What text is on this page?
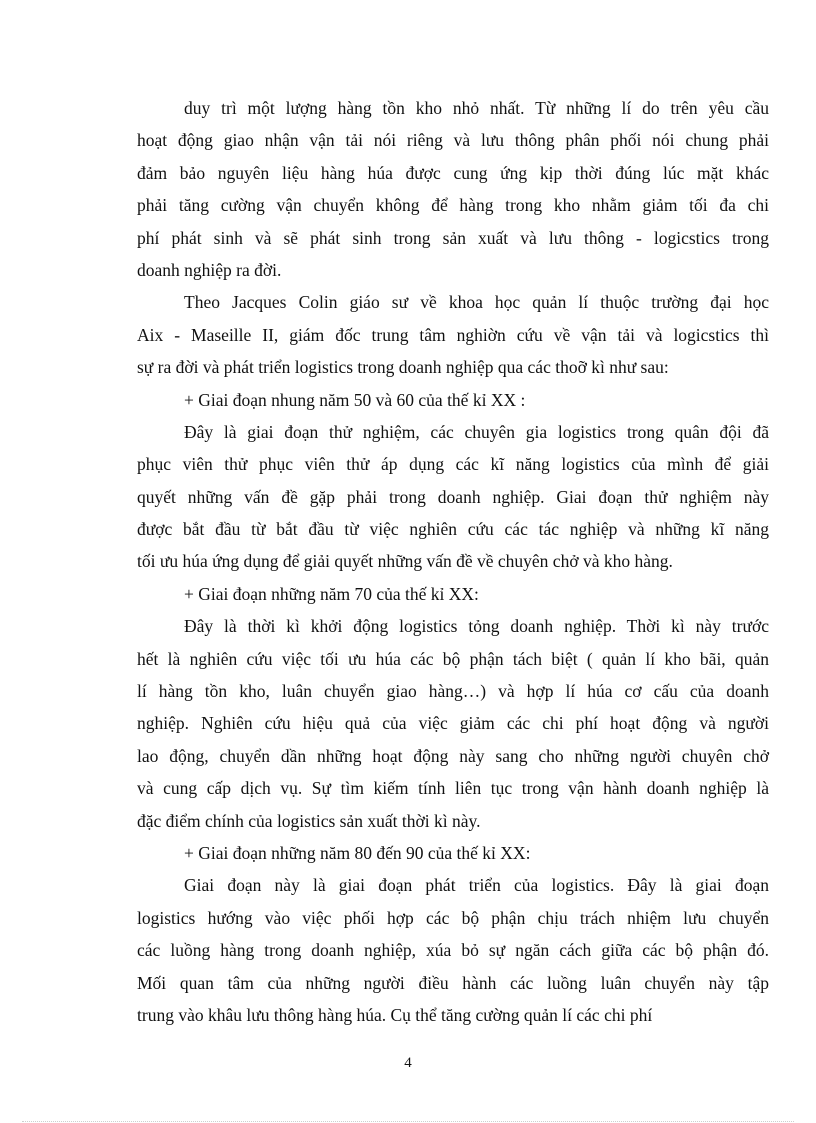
duy trì một lượng hàng tồn kho nhỏ nhất. Từ những lí do trên yêu cầu
hoạt động giao nhận vận tải nói riêng và lưu thông phân phối nói chung phải
đảm bảo nguyên liệu hàng húa được cung ứng kịp thời đúng lúc mặt khác
phải tăng cường vận chuyển không để hàng trong kho nhằm giảm tối đa chi
phí phát sinh và sẽ phát sinh trong sản xuất và lưu thông - logicstics trong
doanh nghiệp ra đời.
Theo Jacques Colin giáo sư về khoa học quản lí thuộc trường đại học
Aix - Maseille II, giám đốc trung tâm nghiờn cứu về vận tải và logicstics thì
sự ra đời và phát triển logistics trong doanh nghiệp qua các thoỡ kì như sau:
+ Giai đoạn nhung năm 50 và 60 của thế kỉ XX :
Đây là giai đoạn thử nghiệm, các chuyên gia logistics trong quân đội đã
phục viên thử phục viên thử áp dụng các kĩ năng logistics của mình để giải
quyết những vấn đề gặp phải trong doanh nghiệp. Giai đoạn thử nghiệm này
được bắt đầu từ bắt đầu từ việc nghiên cứu các tác nghiệp và những kĩ năng
tối ưu húa ứng dụng để giải quyết những vấn đề về chuyên chở và kho hàng.
+ Giai đoạn những năm 70 của thế kỉ XX:
Đây là thời kì khởi động logistics tỏng doanh nghiệp. Thời kì này trước
hết là nghiên cứu việc tối ưu húa các bộ phận tách biệt ( quản lí kho bãi, quản
lí hàng tồn kho, luân chuyển giao hàng…) và hợp lí húa cơ cấu của doanh
nghiệp. Nghiên cứu hiệu quả của việc giảm các chi phí hoạt động và người
lao động, chuyển dần những hoạt động này sang cho những người chuyên chở
và cung cấp dịch vụ. Sự tìm kiếm tính liên tục trong vận hành doanh nghiệp là
đặc điểm chính của logistics sản xuất thời kì này.
+ Giai đoạn những năm 80 đến 90 của thế kỉ XX:
Giai đoạn này là giai đoạn phát triển của logistics. Đây là giai đoạn
logistics hướng vào việc phối hợp các bộ phận chịu trách nhiệm lưu chuyển
các luồng hàng trong doanh nghiệp, xúa bỏ sự ngăn cách giữa các bộ phận đó.
Mối quan tâm của những người điều hành các luồng luân chuyển này tập
trung vào khâu lưu thông hàng húa. Cụ thể tăng cường quản lí các chi phí
4
